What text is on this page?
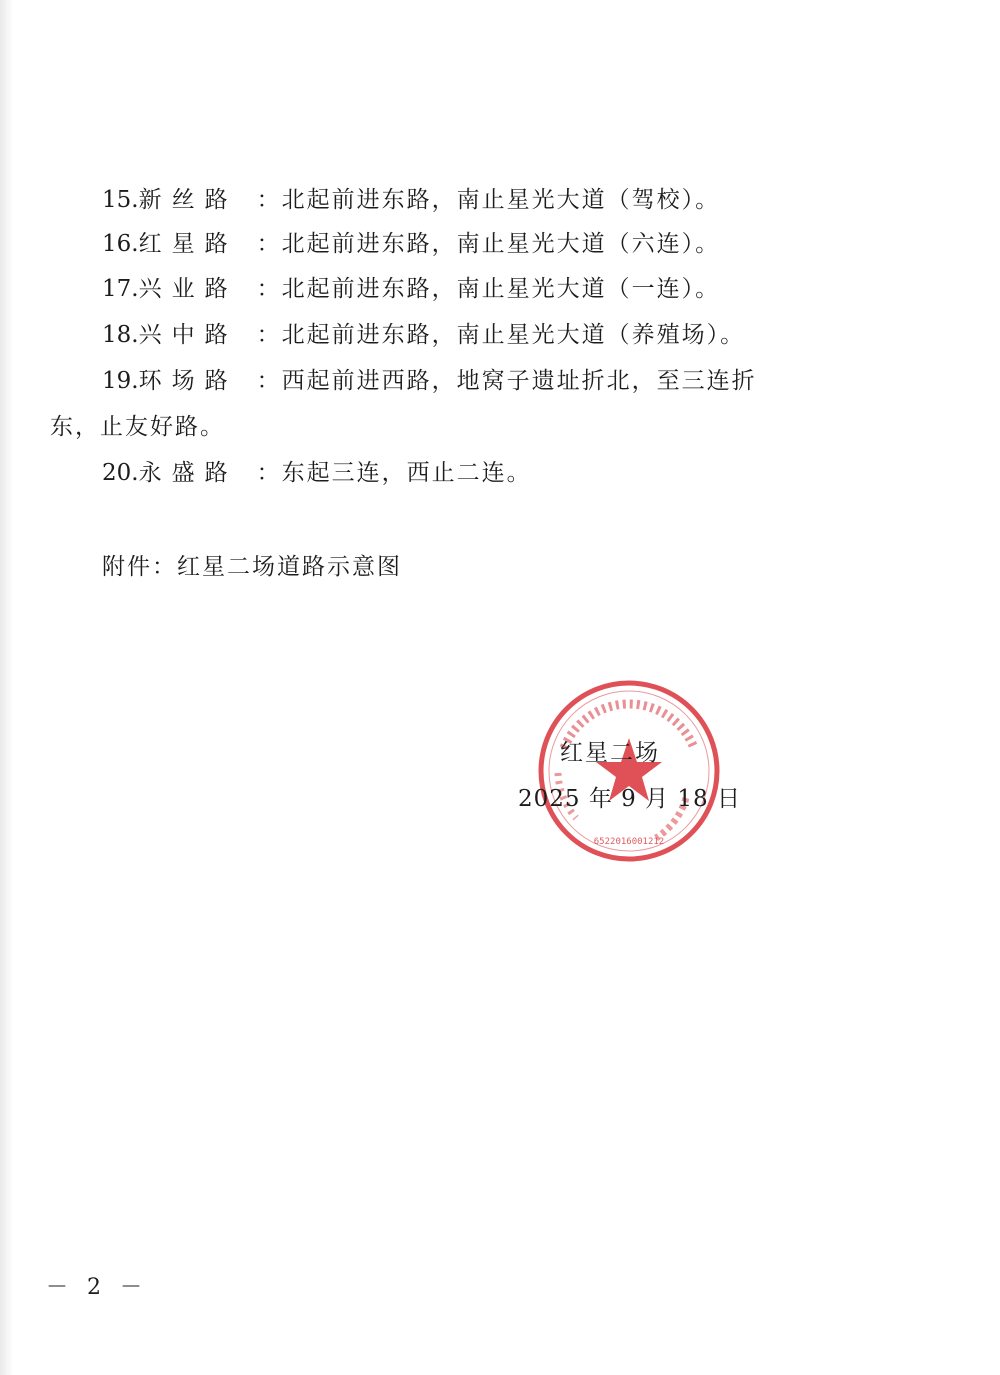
15.新丝路 ：北起前进东路，南止星光大道（驾校）。
16.红星路 ：北起前进东路，南止星光大道（六连）。
17.兴业路 ：北起前进东路，南止星光大道（一连）。
18.兴中路 ：北起前进东路，南止星光大道（养殖场）。
19.环场路 ：西起前进西路，地窝子遗址折北，至三连折
东，止友好路。
20.永盛路 ：东起三连，西止二连。
附件：红星二场道路示意图
6522016001212
红星二场
2025 年 9 月 18 日
－ 2 －
